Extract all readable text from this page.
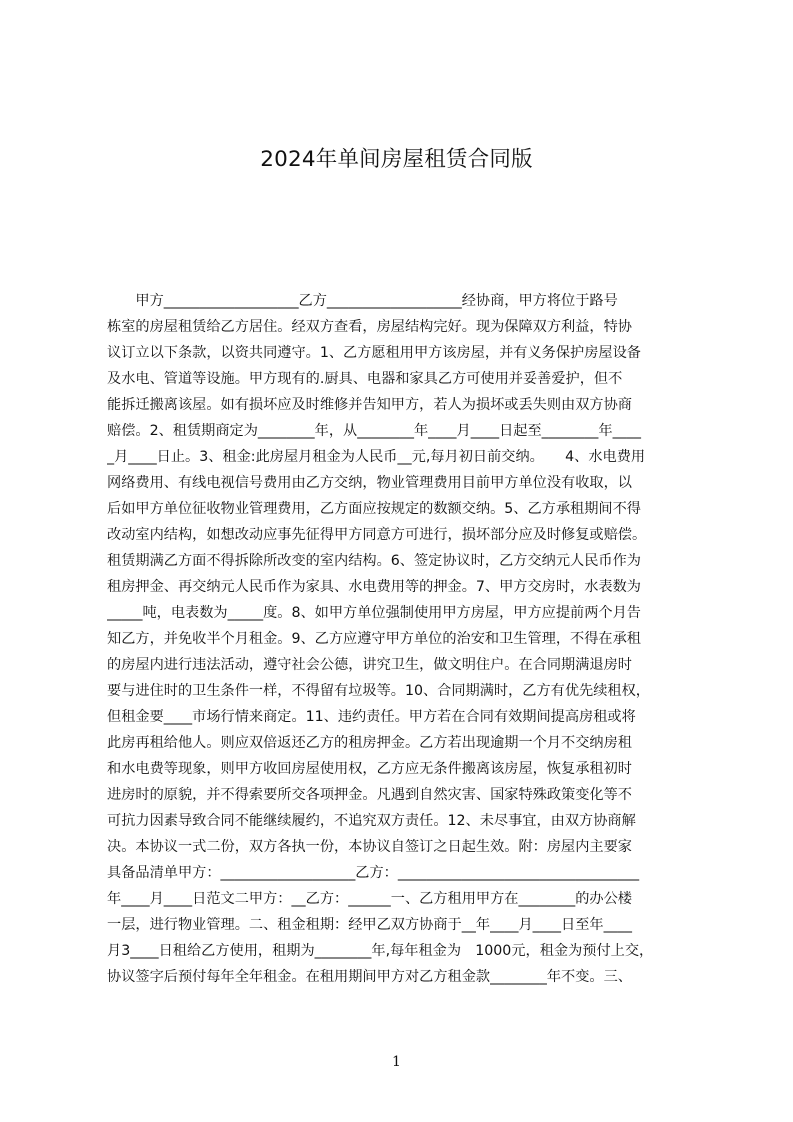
2024年单间房屋租赁合同版
　　甲方___________________乙方___________________经协商，甲方将位于路号
栋室的房屋租赁给乙方居住。经双方查看，房屋结构完好。现为保障双方利益，特协
议订立以下条款，以资共同遵守。1、乙方愿租用甲方该房屋，并有义务保护房屋设备
及水电、管道等设施。甲方现有的.厨具、电器和家具乙方可使用并妥善爱护，但不
能拆迁搬离该屋。如有损坏应及时维修并告知甲方，若人为损坏或丢失则由双方协商
赔偿。2、租赁期商定为________年，从________年____月____日起至________年____
_月____日止。3、租金:此房屋月租金为人民币__元,每月初日前交纳。　　4、水电费用
网络费用、有线电视信号费用由乙方交纳，物业管理费用目前甲方单位没有收取，以
后如甲方单位征收物业管理费用，乙方面应按规定的数额交纳。5、乙方承租期间不得
改动室内结构，如想改动应事先征得甲方同意方可进行，损坏部分应及时修复或赔偿。
租赁期满乙方面不得拆除所改变的室内结构。6、签定协议时，乙方交纳元人民币作为
租房押金、再交纳元人民币作为家具、水电费用等的押金。7、甲方交房时，水表数为
_____吨，电表数为_____度。8、如甲方单位强制使用甲方房屋，甲方应提前两个月告
知乙方，并免收半个月租金。9、乙方应遵守甲方单位的治安和卫生管理，不得在承租
的房屋内进行违法活动，遵守社会公德，讲究卫生，做文明住户。在合同期满退房时
要与进住时的卫生条件一样，不得留有垃圾等。10、合同期满时，乙方有优先续租权，
但租金要____市场行情来商定。11、违约责任。甲方若在合同有效期间提高房租或将
此房再租给他人。则应双倍返还乙方的租房押金。乙方若出现逾期一个月不交纳房租
和水电费等现象，则甲方收回房屋使用权，乙方应无条件搬离该房屋，恢复承租初时
进房时的原貌，并不得索要所交各项押金。凡遇到自然灾害、国家特殊政策变化等不
可抗力因素导致合同不能继续履约，不追究双方责任。12、未尽事宜，由双方协商解
决。本协议一式二份，双方各执一份，本协议自签订之日起生效。附：房屋内主要家
具备品清单甲方：___________________乙方：__________________________________
年____月____日范文二甲方：__乙方：______一、乙方租用甲方在________的办公楼
一层，进行物业管理。二、租金租期：经甲乙双方协商于__年____月____日至年____
月3____日租给乙方使用，租期为________年,每年租金为　1000元，租金为预付上交，
协议签字后预付每年全年租金。在租用期间甲方对乙方租金款________年不变。三、
1
